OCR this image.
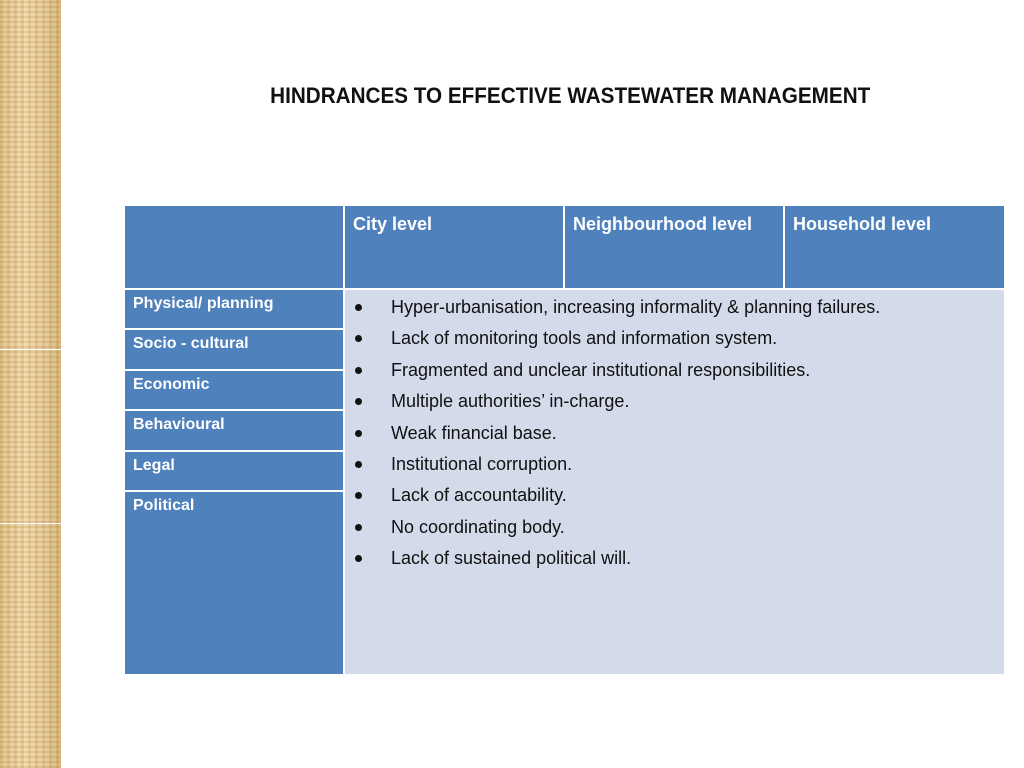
HINDRANCES TO EFFECTIVE WASTEWATER MANAGEMENT
City level	Neighbourhood level	Household level
Physical/ planning
Socio - cultural
Economic
Behavioural
Legal
Political
Hyper-urbanisation, increasing informality & planning failures.
Lack of monitoring tools and information system.
Fragmented and unclear institutional responsibilities.
Multiple authorities’ in-charge.
Weak financial base.
Institutional corruption.
Lack of accountability.
No coordinating body.
Lack of sustained political will.
